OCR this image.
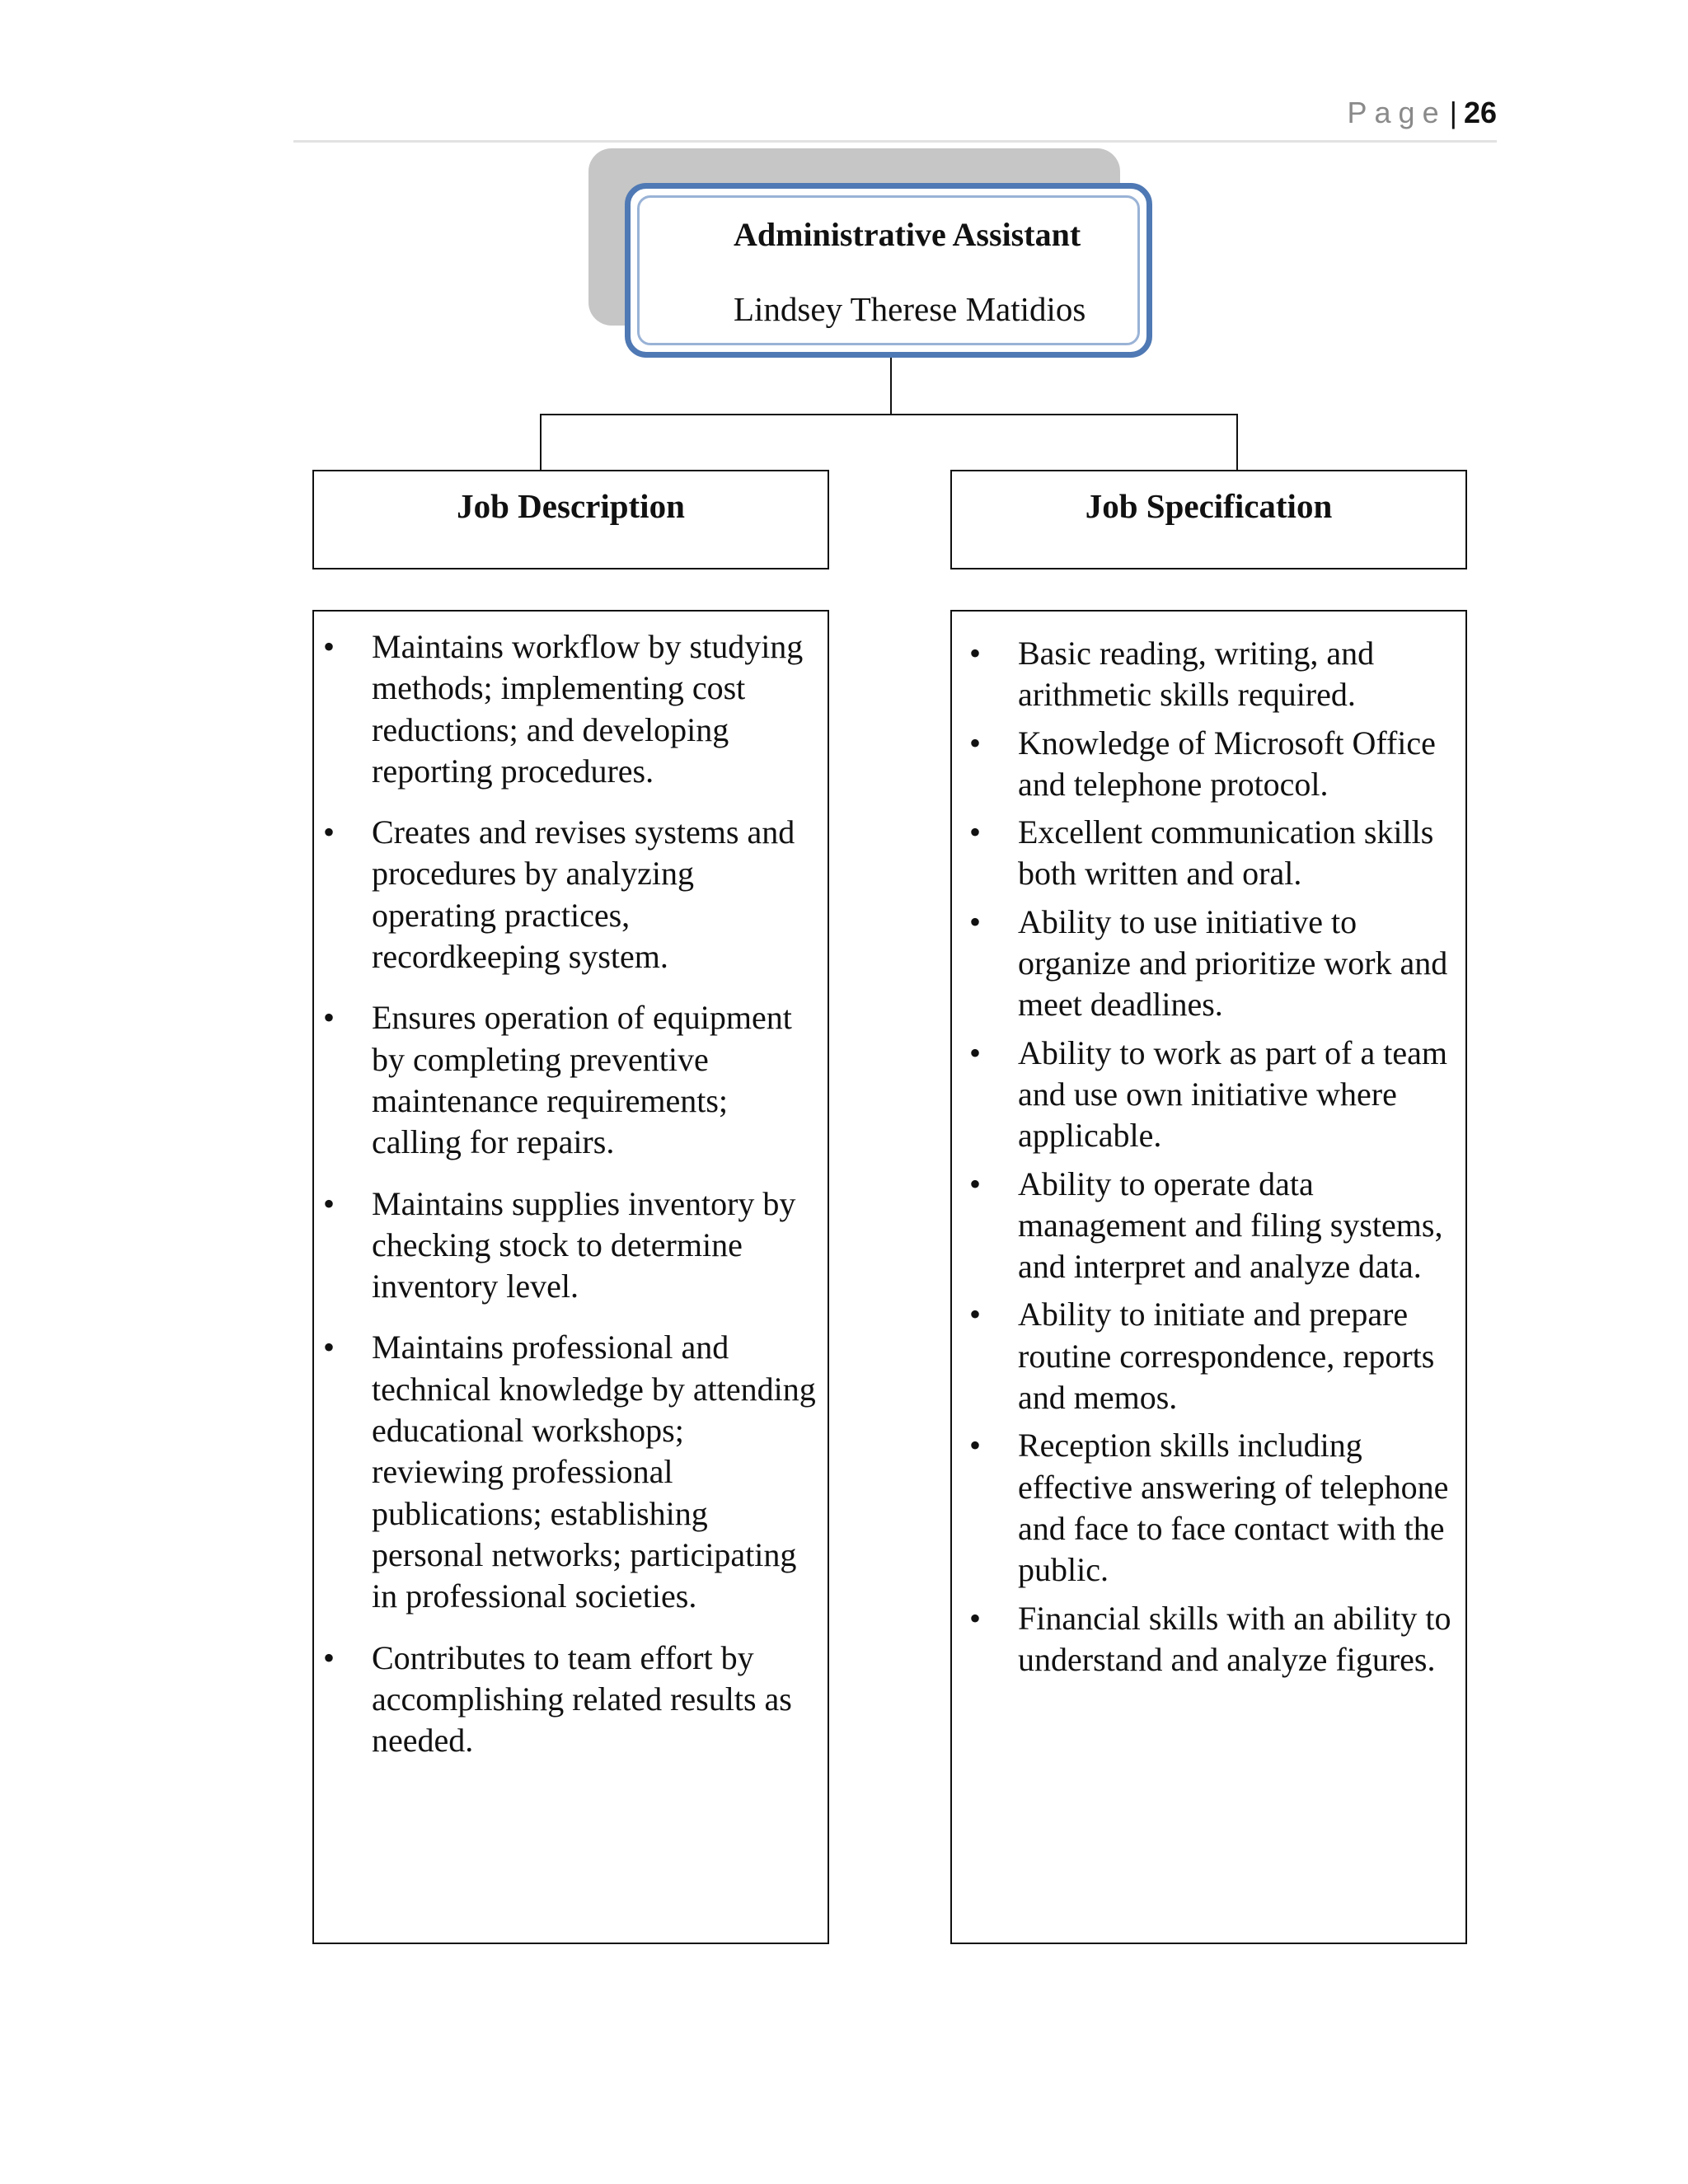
Page | 26
Administrative Assistant
Lindsey Therese Matidios
Job Description	Job Specification
• Maintains workflow by studying methods; implementing cost reductions; and developing reporting procedures.
• Creates and revises systems and procedures by analyzing operating practices, recordkeeping system.
• Ensures operation of equipment by completing preventive maintenance requirements; calling for repairs.
• Maintains supplies inventory by checking stock to determine inventory level.
• Maintains professional and technical knowledge by attending educational workshops; reviewing professional publications; establishing personal networks; participating in professional societies.
• Contributes to team effort by accomplishing related results as needed.
• Basic reading, writing, and arithmetic skills required.
• Knowledge of Microsoft Office and telephone protocol.
• Excellent communication skills both written and oral.
• Ability to use initiative to organize and prioritize work and meet deadlines.
• Ability to work as part of a team and use own initiative where applicable.
• Ability to operate data management and filing systems, and interpret and analyze data.
• Ability to initiate and prepare routine correspondence, reports and memos.
• Reception skills including effective answering of telephone and face to face contact with the public.
• Financial skills with an ability to understand and analyze figures.
